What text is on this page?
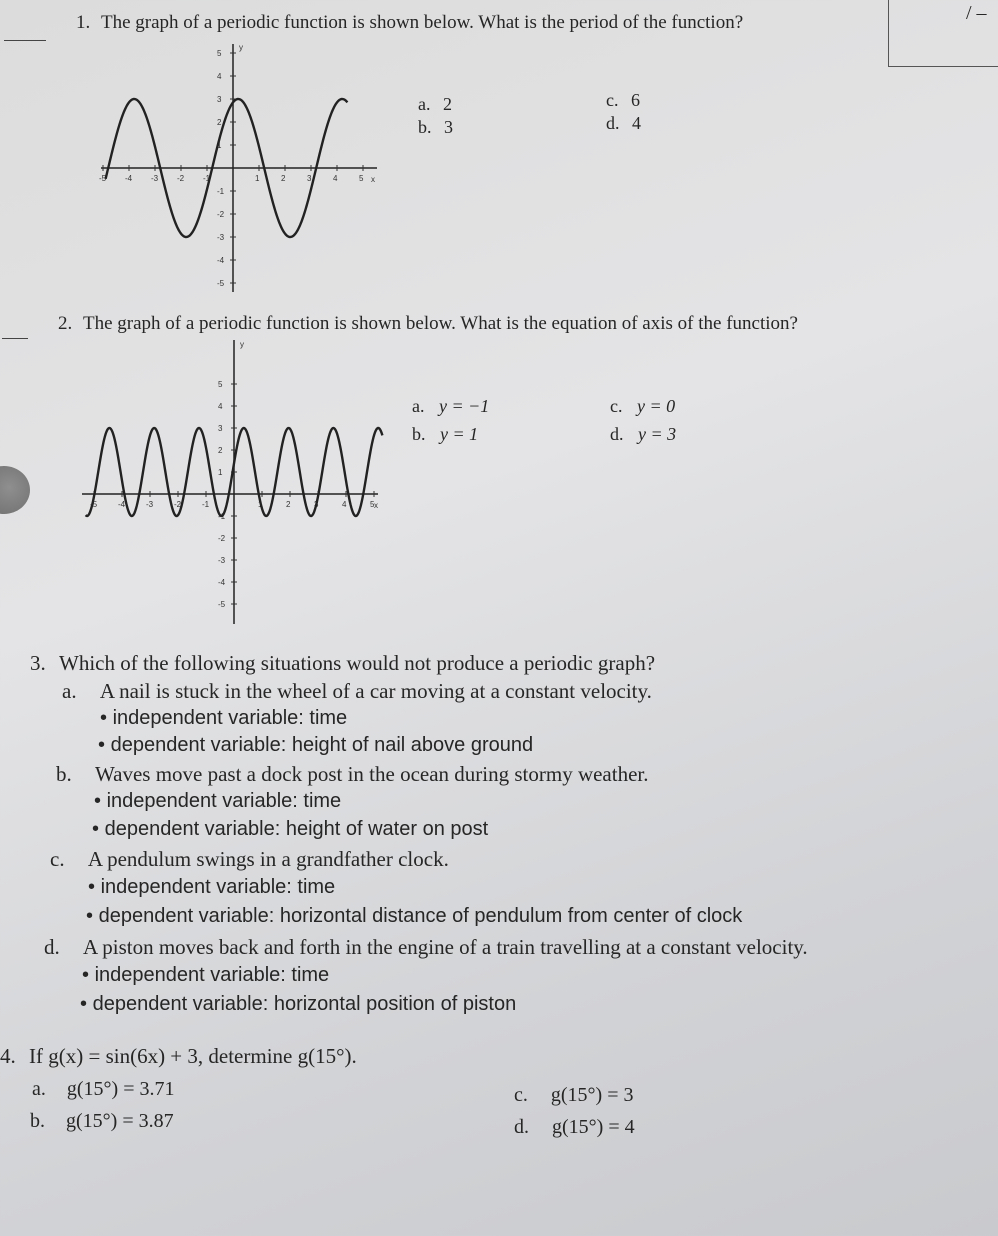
/ –
1. The graph of a periodic function is shown below. What is the period of the function?
-5 -4 -3 -2 -1	1	2	3	4	5
5
4
3
2
1
-1
-2
-3
-4
-5
x
y
a. 2
b. 3
c. 6
d. 4
2. The graph of a periodic function is shown below. What is the equation of axis of the function?
-5	-4	-3	-2	-1	1	2	3	4	5
5
4
3
2
1
-1
-2
-3
-4
-5
x
y
a. y = −1
b. y = 1
c. y = 0
d. y = 3
3. Which of the following situations would not produce a periodic graph?
a. A nail is stuck in the wheel of a car moving at a constant velocity.
• independent variable: time
• dependent variable: height of nail above ground
b. Waves move past a dock post in the ocean during stormy weather.
• independent variable: time
• dependent variable: height of water on post
c. A pendulum swings in a grandfather clock.
• independent variable: time
• dependent variable: horizontal distance of pendulum from center of clock
d. A piston moves back and forth in the engine of a train travelling at a constant velocity.
• independent variable: time
• dependent variable: horizontal position of piston
4. If g(x) = sin(6x) + 3, determine g(15°).
a. g(15°) = 3.71
b. g(15°) = 3.87
c. g(15°) = 3
d. g(15°) = 4
